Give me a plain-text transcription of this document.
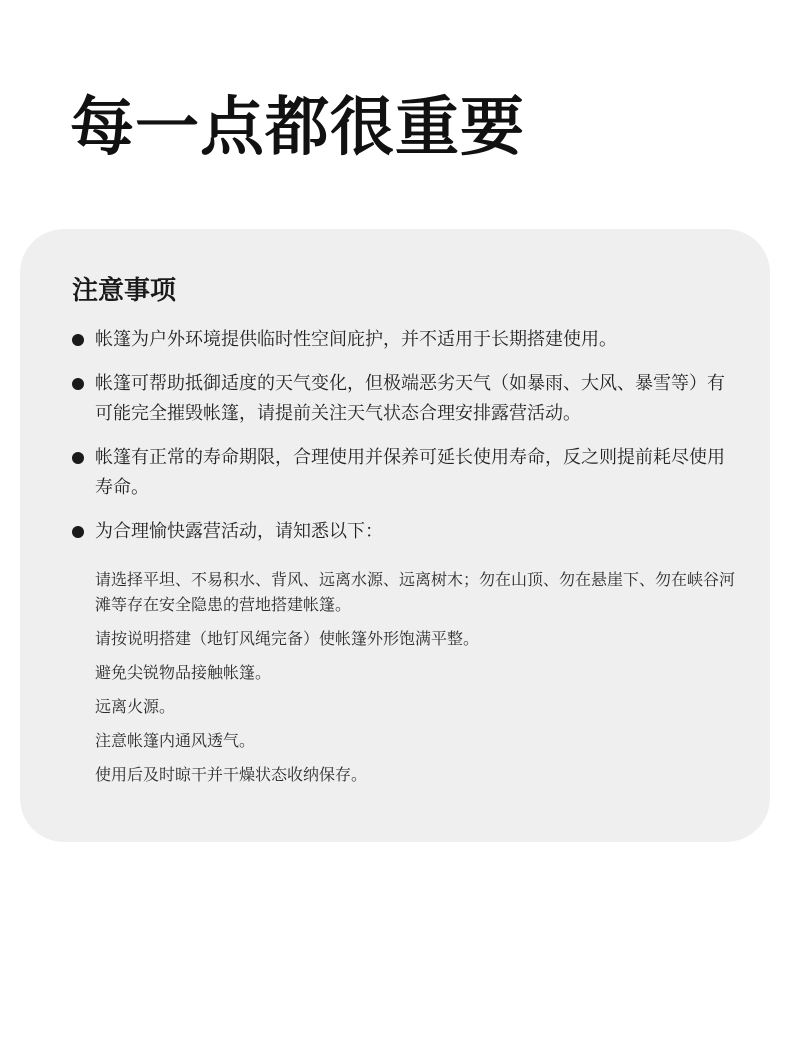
每一点都很重要
注意事项
帐篷为户外环境提供临时性空间庇护，并不适用于长期搭建使用。
帐篷可帮助抵御适度的天气变化，但极端恶劣天气（如暴雨、大风、暴雪等）有可能完全摧毁帐篷，请提前关注天气状态合理安排露营活动。
帐篷有正常的寿命期限，合理使用并保养可延长使用寿命，反之则提前耗尽使用寿命。
为合理愉快露营活动，请知悉以下：
请选择平坦、不易积水、背风、远离水源、远离树木；勿在山顶、勿在悬崖下、勿在峡谷河滩等存在安全隐患的营地搭建帐篷。
请按说明搭建（地钉风绳完备）使帐篷外形饱满平整。
避免尖锐物品接触帐篷。
远离火源。
注意帐篷内通风透气。
使用后及时晾干并干燥状态收纳保存。
